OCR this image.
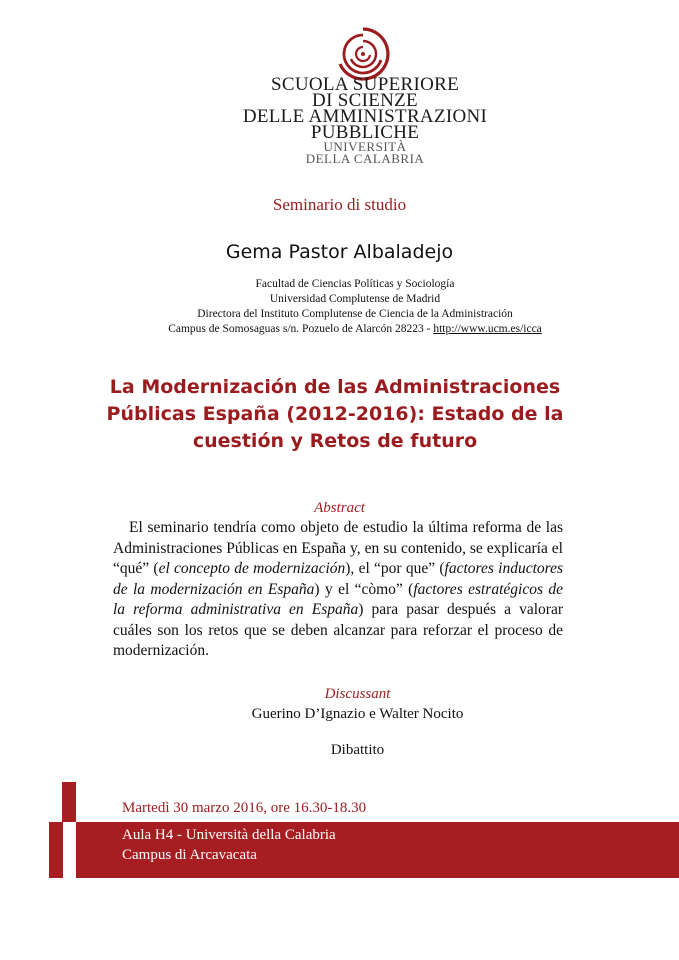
SCUOLA SUPERIORE
DI SCIENZE
DELLE AMMINISTRAZIONI
PUBBLICHE
UNIVERSITÀ
DELLA CALABRIA
Seminario di studio
Gema Pastor Albaladejo
Facultad de Ciencias Políticas y Sociología
Universidad Complutense de Madrid
Directora del Instituto Complutense de Ciencia de la Administración
Campus de Somosaguas s/n. Pozuelo de Alarcón 28223 - http://www.ucm.es/icca
La Modernización de las Administraciones Públicas España (2012-2016): Estado de la cuestión y Retos de futuro
Abstract
El seminario tendría como objeto de estudio la última reforma de las Administraciones Públicas en España y, en su contenido, se explicaría el “qué” (el concepto de modernización), el “por que” (factores inductores de la modernización en España) y el “còmo” (factores estratégicos de la reforma administrativa en España) para pasar después a valorar cuáles son los retos que se deben alcanzar para reforzar el proceso de modernización.
Discussant
Guerino D’Ignazio e Walter Nocito
Dibattito
Martedì 30 marzo 2016, ore 16.30-18.30
Aula H4 - Università della Calabria
Campus di Arcavacata
